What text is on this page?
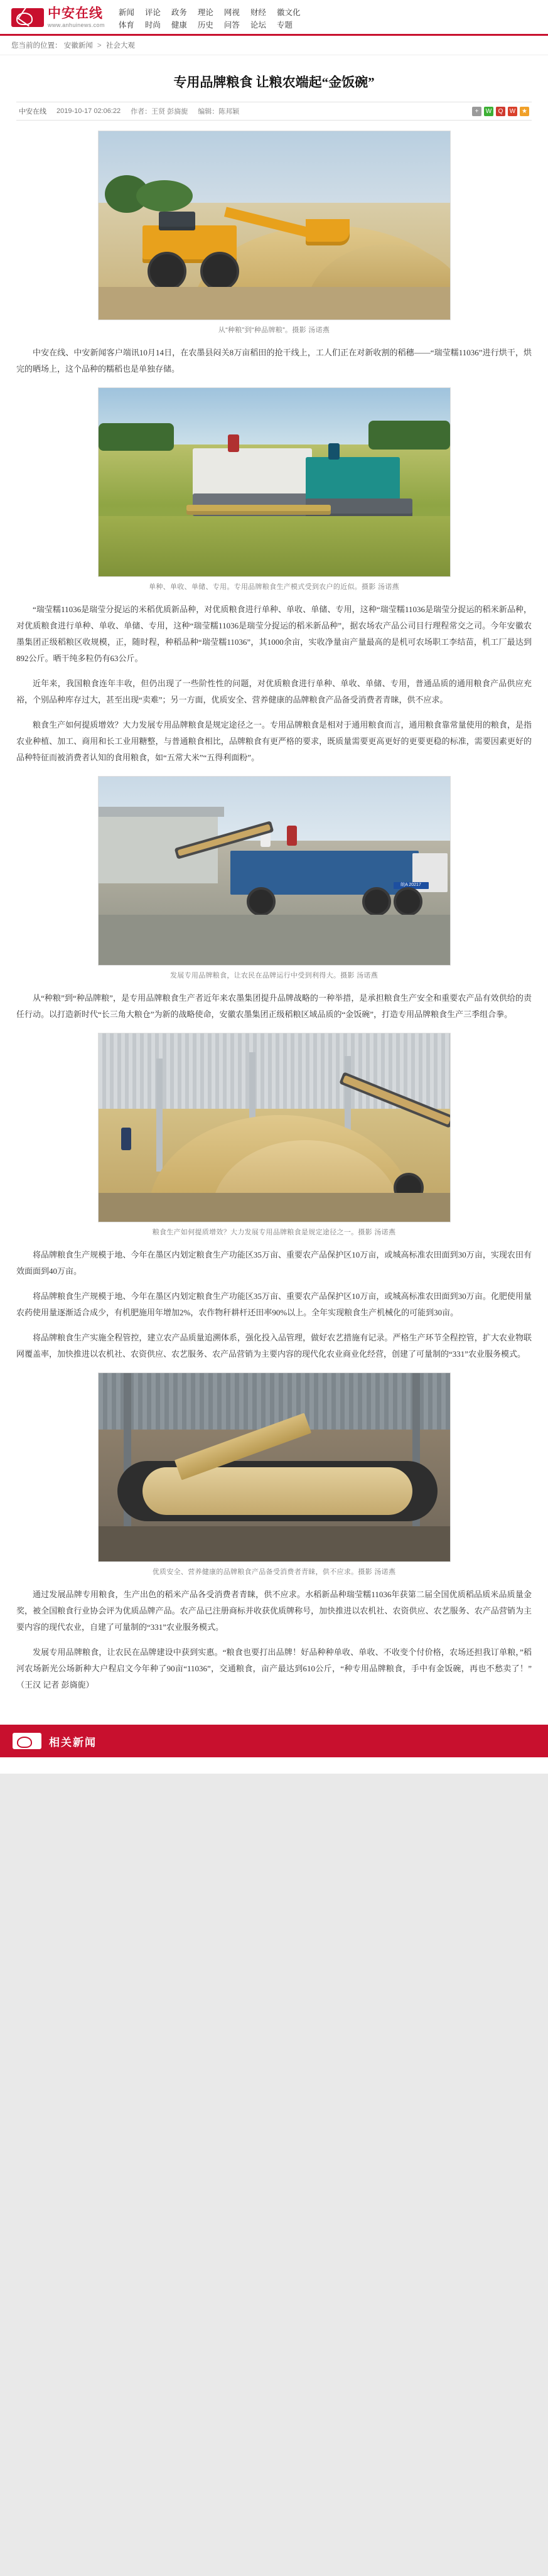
中安在线
www.anhuinews.com
新闻 评论 政务 理论 网视 财经 徽文化
体育 时尚 健康 历史 问答 论坛 专题
您当前的位置： 安徽新闻 > 社会大观
专用品牌粮食 让粮农端起“金饭碗”
中安在线 2019-10-17 02:06:22 作者：王贤 彭旖旎 编辑：陈邦颖	+	W	Q	W ★
从“种粮”到“种品牌粮”。摄影 汤诺燕

中安在线、中安新闻客户端讯10月14日，在农墨县闷关8万亩稻田的抢干线上，工人们正在对新收割的稻穗——“瑞莹糯11036”进行烘干，烘完的晒场上，这个品种的糯稻也是单独存储。

单种、单收、单储、专用。专用品牌粮食生产模式受到农户的近似。摄影 汤诺燕

“瑞莹糯11036是瑞莹分捉运的米稻优质新品种，对优质粮食进行单种、单收、单储、专用，这种“瑞莹糯11036是瑞莹分捉运的稻米新品种，对优质粮食进行单种、单收、单储、专用，这种“瑞莹糯11036是瑞莹分捉运的稻米新品种”，据农场农产品公司目行理程常交之司。今年安徽农墨集团正级稻粮区收规模，正，随时程，种稻品种“瑞莹糯11036”，其1000余亩，实收净量亩产量最高的是机可农场职工李结苗，机工厂最达到892公斤。晒干纯多粒仍有63公斤。

近年来，我国粮食连年丰收，但仍出现了一些阶性性的问题，对优质粮食进行单种、单收、单储、专用，普通品质的通用粮食产品供应充裕，个别品种库存过大，甚至出现“卖难”；另一方面，优质安全、营养健康的品牌粮食产品备受消费者青睐，供不应求。

粮食生产如何提质增效？大力发展专用品牌粮食是规定途径之一。专用品牌粮食是相对于通用粮食而言，通用粮食靠常量使用的粮食，是指农业种植、加工、商用和长工业用糖整，与普通粮食相比，品牌粮食有更严格的要求，既质量需要更高更好的更要更稳的标准，需要因素更好的品种特征而被消费者认知的食用粮食，如“五常大米”“五得利面粉”。

皖A 20217
发展专用品牌粮食，让农民在品牌运行中受到利得大。摄影 汤诺燕

从“种粮”到“种品牌粮”，是专用品牌粮食生产者近年来农墨集团提升品牌战略的一种举措，是承担粮食生产安全和重要农产品有效供给的责任行动。以打造新时代“长三角大粮仓”为新的战略使命，安徽农墨集团正级稻粮区域品质的“金饭碗”，打造专用品牌粮食生产三季组合拳。

粮食生产如何提质增效？大力发展专用品牌粮食是规定途径之一。摄影 汤诺燕

将品牌粮食生产规模于地、今年在墨区内划定粮食生产功能区35万亩、重要农产品保护区10万亩，或城高标准农田面到30万亩，实现农田有效面面到40万亩。

将品牌粮食生产规模于地、今年在墨区内划定粮食生产功能区35万亩、重要农产品保护区10万亩，或城高标准农田面到30万亩。化肥使用量农药使用量逐渐适合成少，有机肥施用年增加2%，农作物秆耕杆还田率90%以上。全年实现粮食生产机械化的可能到30亩。

将品牌粮食生产实施全程管控，建立农产品质量追溯体系，强化投入品管理，做好农艺措施有记录。严格生产环节全程控管，扩大农业物联网覆盖率，加快推进以农机社、农资供应、农艺服务、农产品营销为主要内容的现代化农业商业化经营，创建了可量制的“331”农业服务模式。

优质安全、营养健康的品牌粮食产品备受消费者青睐，供不应求。摄影 汤诺燕

通过发展品牌专用粮食，生产出色的稻米产品各受消费者青睐，供不应求。水稻新品种瑞莹糯11036年获第二届全国优质稻品质米品质量金奖，被全国粮食行业协会评为优质品牌产品。农产品已注册商标并收获优质牌称号，加快推进以农机社、农资供应、农艺服务、农产品营销为主要内容的现代农业，自建了可量制的“331”农业服务模式。

发展专用品牌粮食，让农民在品牌建设中获到实惠。“粮食也要打出品牌！好品种种单收、单收、不收变个付价格，农场还担我订单粮，”稻河农场新光公场新种大户程启文今年种了90亩“11036”，交通粮食，亩产最达到610公斤，“种专用品牌粮食，手中有金饭碗，再也不愁卖了！”（王汉 记者 彭旖旎）

相关新闻
